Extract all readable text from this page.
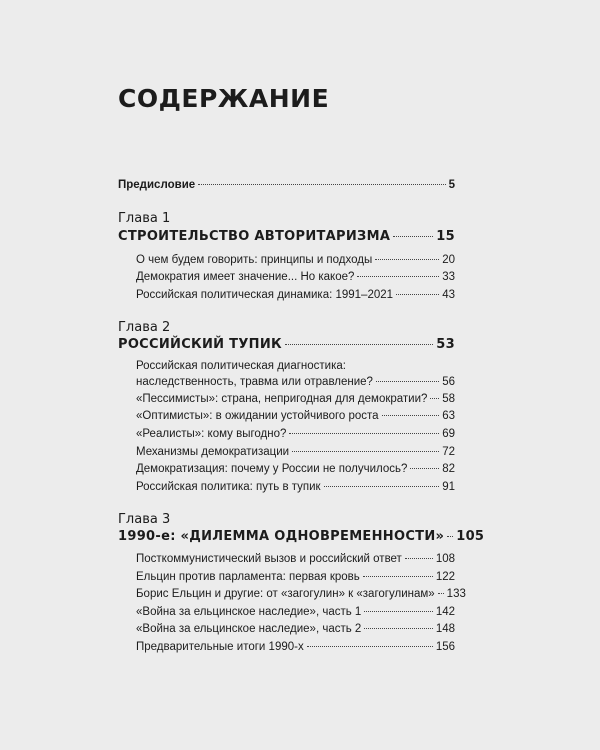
СОДЕРЖАНИЕ
Предисловие	5
Глава 1
СТРОИТЕЛЬСТВО АВТОРИТАРИЗМА	15
О чем будем говорить: принципы и подходы	20
Демократия имеет значение... Но какое?	33
Российская политическая динамика: 1991–2021	43
Глава 2
РОССИЙСКИЙ ТУПИК	53
Российская политическая диагностика:
наследственность, травма или отравление?	56
«Пессимисты»: страна, непригодная для демократии? 58
«Оптимисты»: в ожидании устойчивого роста	63
«Реалисты»: кому выгодно?	69
Механизмы демократизации	72
Демократизация: почему у России не получилось?	82
Российская политика: путь в тупик	91
Глава 3
1990-е: «ДИЛЕММА ОДНОВРЕМЕННОСТИ» 105
Посткоммунистический вызов и российский ответ	108
Ельцин против парламента: первая кровь	122
Борис Ельцин и другие: от «загогулин» к «загогулинам» 133
«Война за ельцинское наследие», часть 1	142
«Война за ельцинское наследие», часть 2	148
Предварительные итоги 1990-х	156
